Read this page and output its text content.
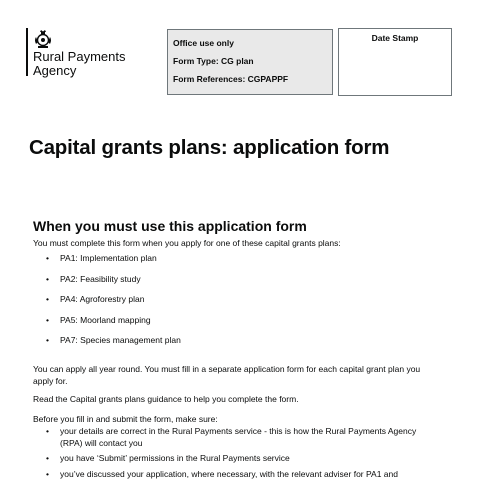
Rural Payments
Agency
Office use only
Form Type: CG plan
Form References: CGPAPPF
Date Stamp
Capital grants plans: application form
When you must use this application form

You must complete this form when you apply for one of these capital grants plans:

• PA1: Implementation plan
• PA2: Feasibility study
• PA4: Agroforestry plan
• PA5: Moorland mapping
• PA7: Species management plan

You can apply all year round. You must fill in a separate application form for each capital grant plan you
apply for.

Read the Capital grants plans guidance to help you complete the form.

Before you fill in and submit the form, make sure:

• your details are correct in the Rural Payments service - this is how the Rural Payments Agency
(RPA) will contact you
• you have ‘Submit’ permissions in the Rural Payments service
• you’ve discussed your application, where necessary, with the relevant adviser for PA1 and
